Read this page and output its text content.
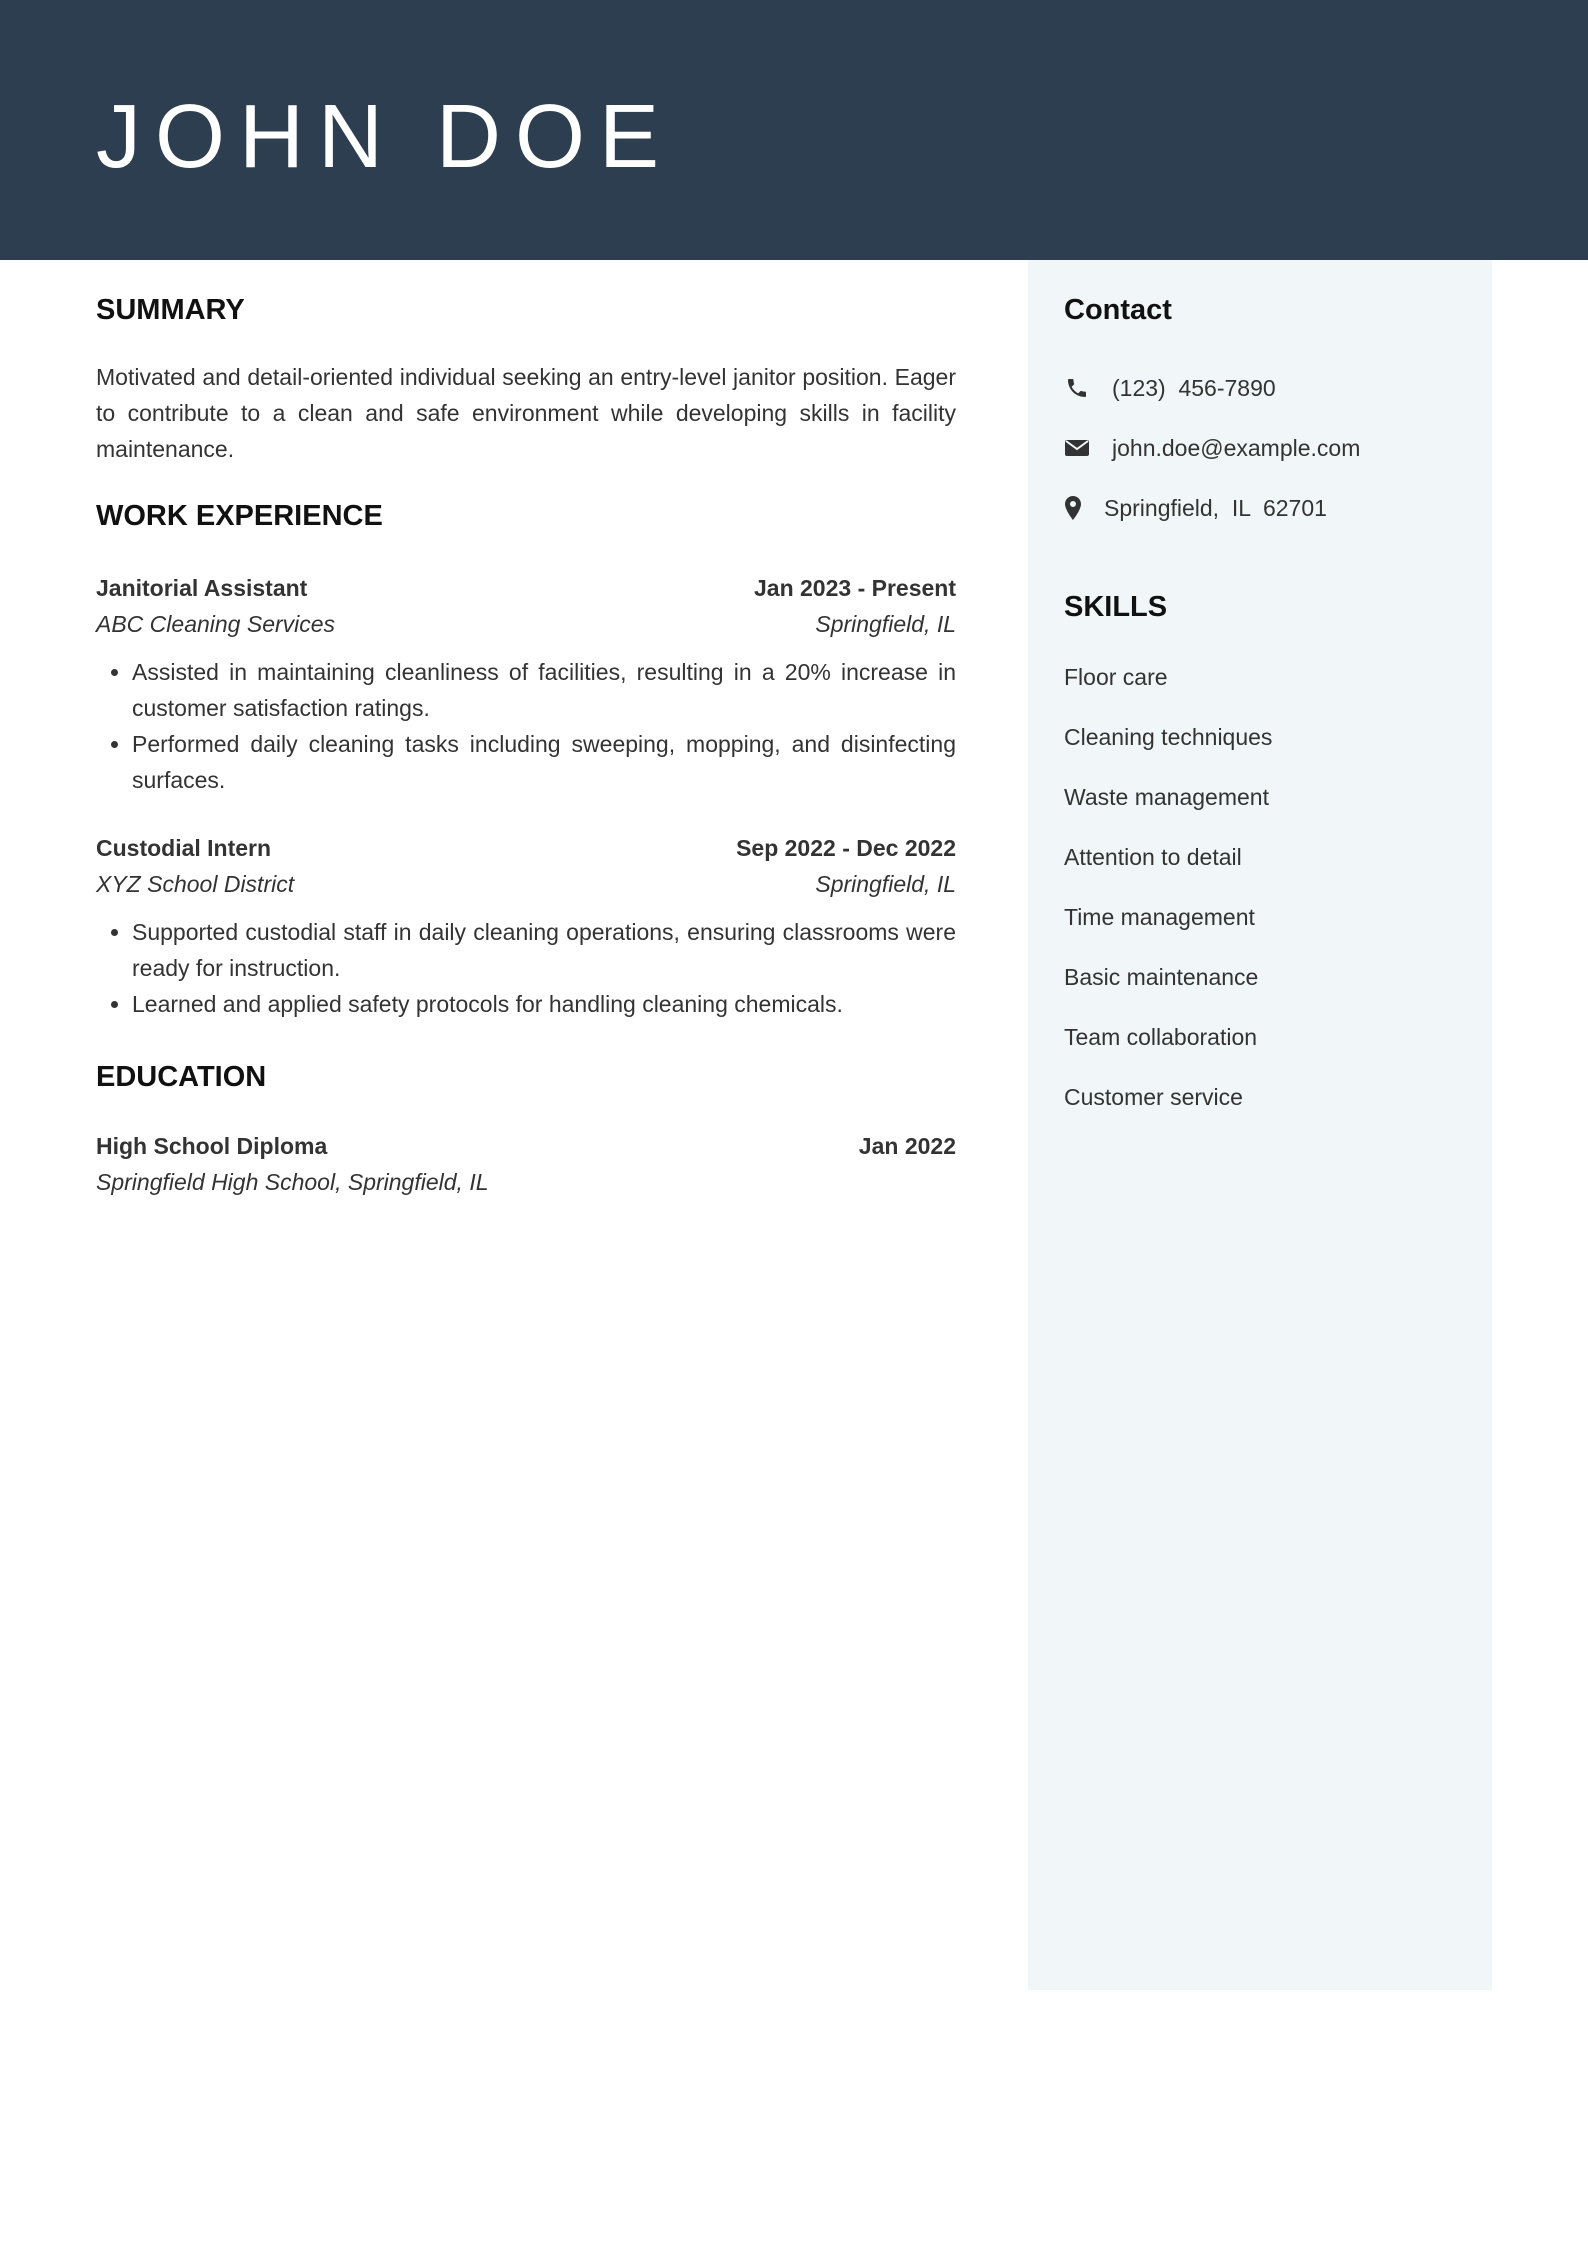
JOHN DOE
SUMMARY

Motivated and detail-oriented individual seeking an entry-level janitor position. Eager to contribute to a clean and safe environment while developing skills in facility maintenance.

WORK EXPERIENCE
Janitorial Assistant	Jan 2023 - Present
ABC Cleaning Services	Springfield, IL
• Assisted in maintaining cleanliness of facilities, resulting in a 20% increase in customer satisfaction ratings.
• Performed daily cleaning tasks including sweeping, mopping, and disinfecting surfaces.
Custodial Intern	Sep 2022 - Dec 2022
XYZ School District	Springfield, IL
• Supported custodial staff in daily cleaning operations, ensuring classrooms were ready for instruction.
• Learned and applied safety protocols for handling cleaning chemicals.
EDUCATION
High School Diploma	Jan 2022
Springfield High School, Springfield, IL
Contact
(123)  456-7890
john.doe@example.com
Springfield,  IL  62701
SKILLS
Floor care
Cleaning techniques
Waste management
Attention to detail
Time management
Basic maintenance
Team collaboration
Customer service
